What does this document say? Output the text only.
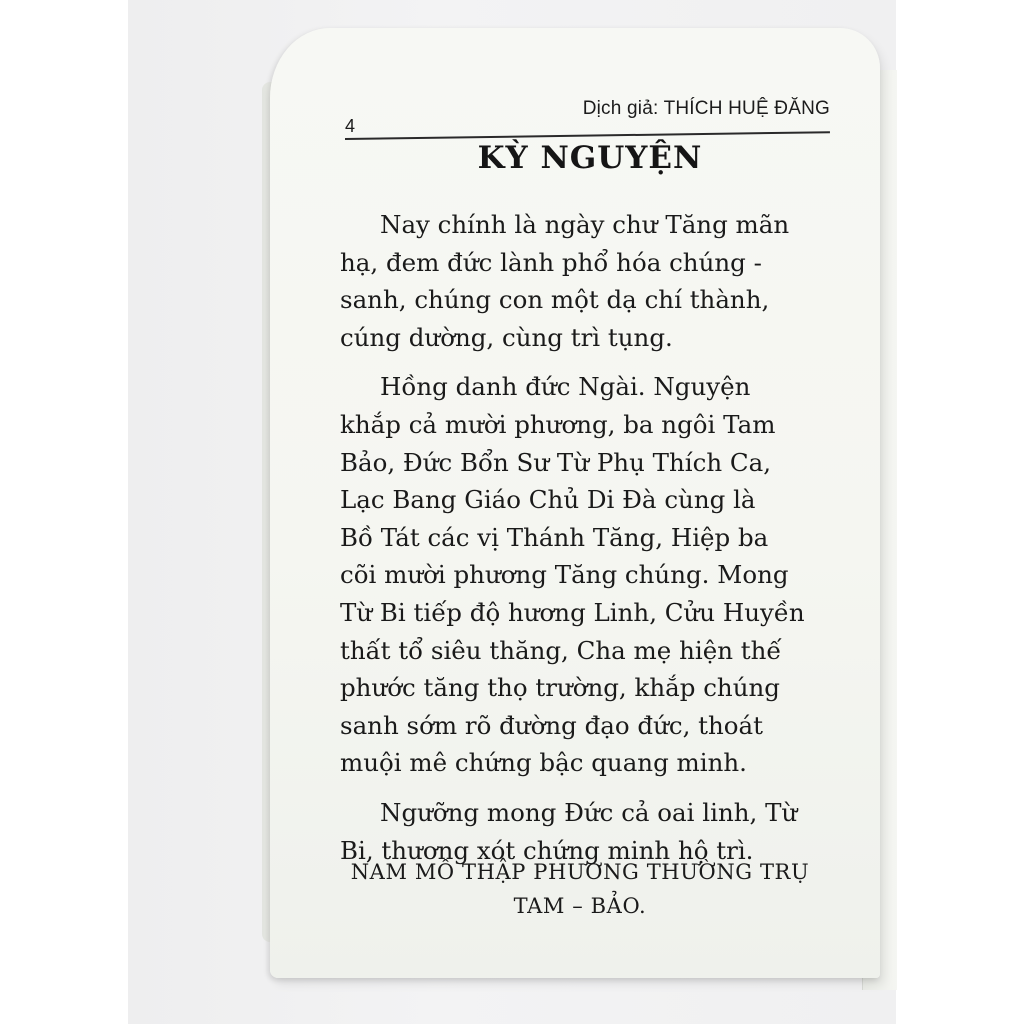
4
Dịch giả: THÍCH HUỆ ĐĂNG
KỲ NGUYỆN

Nay chính là ngày chư Tăng mãn
hạ, đem đức lành phổ hóa chúng -
sanh, chúng con một dạ chí thành,
cúng dường, cùng trì tụng.

Hồng danh đức Ngài. Nguyện
khắp cả mười phương, ba ngôi Tam
Bảo, Đức Bổn Sư Từ Phụ Thích Ca,
Lạc Bang Giáo Chủ Di Đà cùng là
Bồ Tát các vị Thánh Tăng, Hiệp ba
cõi mười phương Tăng chúng. Mong
Từ Bi tiếp độ hương Linh, Cửu Huyền
thất tổ siêu thăng, Cha mẹ hiện thế
phước tăng thọ trường, khắp chúng
sanh sớm rõ đường đạo đức, thoát
muội mê chứng bậc quang minh.

Ngưỡng mong Đức cả oai linh, Từ
Bi, thương xót chứng minh hộ trì.

NAM MÔ THẬP PHƯƠNG THƯỜNG TRỤ
TAM – BẢO.
